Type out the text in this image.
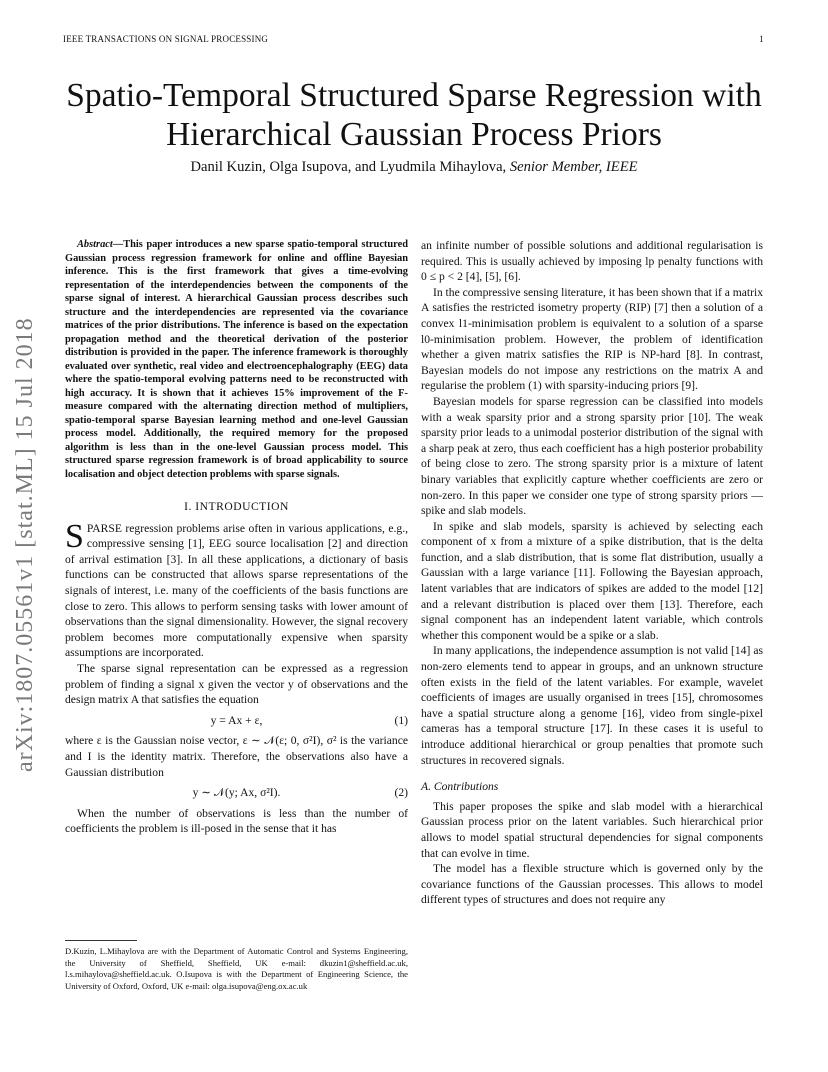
IEEE TRANSACTIONS ON SIGNAL PROCESSING	1
Spatio-Temporal Structured Sparse Regression with Hierarchical Gaussian Process Priors
Danil Kuzin, Olga Isupova, and Lyudmila Mihaylova, Senior Member, IEEE
arXiv:1807.05561v1 [stat.ML] 15 Jul 2018

Abstract—This paper introduces a new sparse spatio-temporal structured Gaussian process regression framework for online and offline Bayesian inference. This is the first framework that gives a time-evolving representation of the interdependencies between the components of the sparse signal of interest. A hierarchical Gaussian process describes such structure and the interdependencies are represented via the covariance matrices of the prior distributions. The inference is based on the expectation propagation method and the theoretical derivation of the posterior distribution is provided in the paper. The inference framework is thoroughly evaluated over synthetic, real video and electroencephalography (EEG) data where the spatio-temporal evolving patterns need to be reconstructed with high accuracy. It is shown that it achieves 15% improvement of the F-measure compared with the alternating direction method of multipliers, spatio-temporal sparse Bayesian learning method and one-level Gaussian process model. Additionally, the required memory for the proposed algorithm is less than in the one-level Gaussian process model. This structured sparse regression framework is of broad applicability to source localisation and object detection problems with sparse signals.

I. INTRODUCTION

SPARSE regression problems arise often in various applications, e.g., compressive sensing [1], EEG source localisation [2] and direction of arrival estimation [3]. In all these applications, a dictionary of basis functions can be constructed that allows sparse representations of the signals of interest, i.e. many of the coefficients of the basis functions are close to zero. This allows to perform sensing tasks with lower amount of observations than the signal dimensionality. However, the signal recovery problem becomes more computationally expensive when sparsity assumptions are incorporated.

The sparse signal representation can be expressed as a regression problem of finding a signal x given the vector y of observations and the design matrix A that satisfies the equation

y = Ax + ε,	(1)

where ε is the Gaussian noise vector, ε ∼ 𝒩(ε; 0, σ²I), σ² is the variance and I is the identity matrix. Therefore, the observations also have a Gaussian distribution

y ∼ 𝒩(y; Ax, σ²I).	(2)

When the number of observations is less than the number of coefficients the problem is ill-posed in the sense that it has

D.Kuzin, L.Mihaylova are with the Department of Automatic Control and Systems Engineering, the University of Sheffield, Sheffield, UK e-mail: dkuzin1@sheffield.ac.uk, l.s.mihaylova@sheffield.ac.uk. O.Isupova is with the Department of Engineering Science, the University of Oxford, Oxford, UK e-mail: olga.isupova@eng.ox.ac.uk

an infinite number of possible solutions and additional regularisation is required. This is usually achieved by imposing lp penalty functions with 0 ≤ p < 2 [4], [5], [6].

In the compressive sensing literature, it has been shown that if a matrix A satisfies the restricted isometry property (RIP) [7] then a solution of a convex l1-minimisation problem is equivalent to a solution of a sparse l0-minimisation problem. However, the problem of identification whether a given matrix satisfies the RIP is NP-hard [8]. In contrast, Bayesian models do not impose any restrictions on the matrix A and regularise the problem (1) with sparsity-inducing priors [9].

Bayesian models for sparse regression can be classified into models with a weak sparsity prior and a strong sparsity prior [10]. The weak sparsity prior leads to a unimodal posterior distribution of the signal with a sharp peak at zero, thus each coefficient has a high posterior probability of being close to zero. The strong sparsity prior is a mixture of latent binary variables that explicitly capture whether coefficients are zero or non-zero. In this paper we consider one type of strong sparsity priors — spike and slab models.

In spike and slab models, sparsity is achieved by selecting each component of x from a mixture of a spike distribution, that is the delta function, and a slab distribution, that is some flat distribution, usually a Gaussian with a large variance [11]. Following the Bayesian approach, latent variables that are indicators of spikes are added to the model [12] and a relevant distribution is placed over them [13]. Therefore, each signal component has an independent latent variable, which controls whether this component would be a spike or a slab.

In many applications, the independence assumption is not valid [14] as non-zero elements tend to appear in groups, and an unknown structure often exists in the field of the latent variables. For example, wavelet coefficients of images are usually organised in trees [15], chromosomes have a spatial structure along a genome [16], video from single-pixel cameras has a temporal structure [17]. In these cases it is useful to introduce additional hierarchical or group penalties that promote such structures in recovered signals.

A. Contributions

This paper proposes the spike and slab model with a hierarchical Gaussian process prior on the latent variables. Such hierarchical prior allows to model spatial structural dependencies for signal components that can evolve in time.

The model has a flexible structure which is governed only by the covariance functions of the Gaussian processes. This allows to model different types of structures and does not require any
